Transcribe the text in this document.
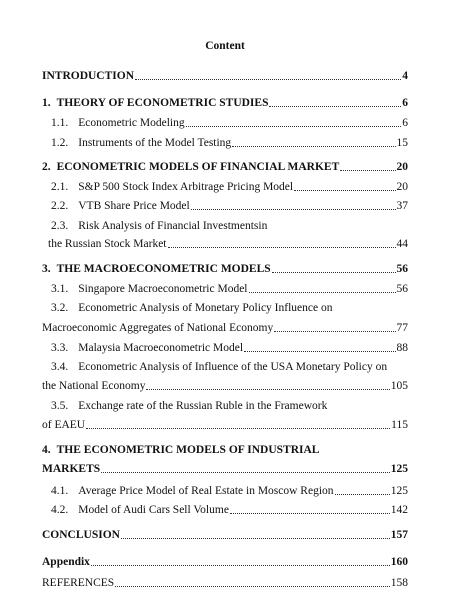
Content
INTRODUCTION	4
1. THEORY OF ECONOMETRIC STUDIES	6
1.1. Econometric Modeling	6
1.2. Instruments of the Model Testing	15
2. ECONOMETRIC MODELS OF FINANCIAL MARKET	20
2.1. S&P 500 Stock Index Arbitrage Pricing Model	20
2.2. VTB Share Price Model	37
2.3. Risk Analysis of Financial Investmentsin
the Russian Stock Market	44
3. THE MACROECONOMETRIC MODELS	56
3.1. Singapore Macroeconometric Model	56
3.2. Econometric Analysis of Monetary Policy Influence on
Macroeconomic Aggregates of National Economy	77
3.3. Malaysia Macroeconometric Model	88
3.4. Econometric Analysis of Influence of the USA Monetary Policy on
the National Economy	105
3.5. Exchange rate of the Russian Ruble in the Framework
of EAEU	115
4. THE ECONOMETRIC MODELS OF INDUSTRIAL
MARKETS	125
4.1. Average Price Model of Real Estate in Moscow Region	125
4.2. Model of Audi Cars Sell Volume	142
CONCLUSION	157
Appendix	160
REFERENCES	158
